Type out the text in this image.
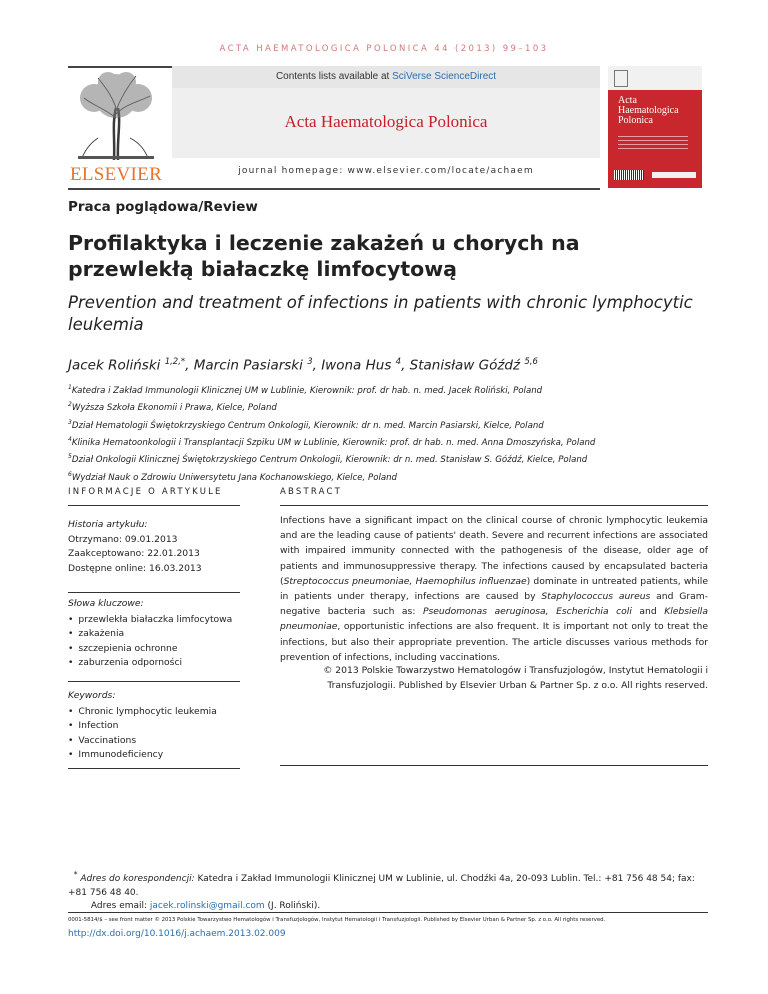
ACTA HAEMATOLOGICA POLONICA 44 (2013) 99–103
ELSEVIER
Contents lists available at SciVerse ScienceDirect
Acta Haematologica Polonica
journal homepage: www.elsevier.com/locate/achaem
Acta
Haematologica
Polonica
Praca poglądowa/Review
Profilaktyka i leczenie zakażeń u chorych na przewlekłą białaczkę limfocytową
Prevention and treatment of infections in patients with chronic lymphocytic leukemia
Jacek Roliński $^{1,2,*}$, Marcin Pasiarski $^3$, Iwona Hus $^4$, Stanisław Góźdź $^{5,6}$
$^1$Katedra i Zakład Immunologii Klinicznej UM w Lublinie, Kierownik: prof. dr hab. n. med. Jacek Roliński, Poland
$^2$Wyższa Szkoła Ekonomii i Prawa, Kielce, Poland
$^3$Dział Hematologii Świętokrzyskiego Centrum Onkologii, Kierownik: dr n. med. Marcin Pasiarski, Kielce, Poland
$^4$Klinika Hematoonkologii i Transplantacji Szpiku UM w Lublinie, Kierownik: prof. dr hab. n. med. Anna Dmoszyńska, Poland
$^5$Dział Onkologii Klinicznej Świętokrzyskiego Centrum Onkologii, Kierownik: dr n. med. Stanisław S. Góźdź, Kielce, Poland
$^6$Wydział Nauk o Zdrowiu Uniwersytetu Jana Kochanowskiego, Kielce, Poland
INFORMACJE O ARTYKULE	ABSTRACT
Historia artykułu:
Otrzymano: 09.01.2013
Zaakceptowano: 22.01.2013
Dostępne online: 16.03.2013
Słowa kluczowe:
• przewlekła białaczka limfocytowa
• zakażenia
• szczepienia ochronne
• zaburzenia odporności
Keywords:
• Chronic lymphocytic leukemia
• Infection
• Vaccinations
• Immunodeficiency
Infections have a significant impact on the clinical course of chronic lymphocytic leukemia and are the leading cause of patients' death. Severe and recurrent infections are associated with impaired immunity connected with the pathogenesis of the disease, older age of patients and immunosuppressive therapy. The infections caused by encapsulated bacteria (Streptococcus pneumoniae, Haemophilus influenzae) dominate in untreated patients, while in patients under therapy, infections are caused by Staphylococcus aureus and Gram-negative bacteria such as: Pseudomonas aeruginosa, Escherichia coli and Klebsiella pneumoniae, opportunistic infections are also frequent. It is important not only to treat the infections, but also their appropriate prevention. The article discusses various methods for prevention of infections, including vaccinations.
© 2013 Polskie Towarzystwo Hematologów i Transfuzjologów, Instytut Hematologii i Transfuzjologii. Published by Elsevier Urban & Partner Sp. z o.o. All rights reserved.
* Adres do korespondencji: Katedra i Zakład Immunologii Klinicznej UM w Lublinie, ul. Chodźki 4a, 20-093 Lublin. Tel.: +81 756 48 54; fax: +81 756 48 40.
Adres email: jacek.rolinski@gmail.com (J. Roliński).
0001-5814/$ – see front matter © 2013 Polskie Towarzystwo Hematologów i Transfuzjologów, Instytut Hematologii i Transfuzjologii. Published by Elsevier Urban & Partner Sp. z o.o. All rights reserved.
http://dx.doi.org/10.1016/j.achaem.2013.02.009
